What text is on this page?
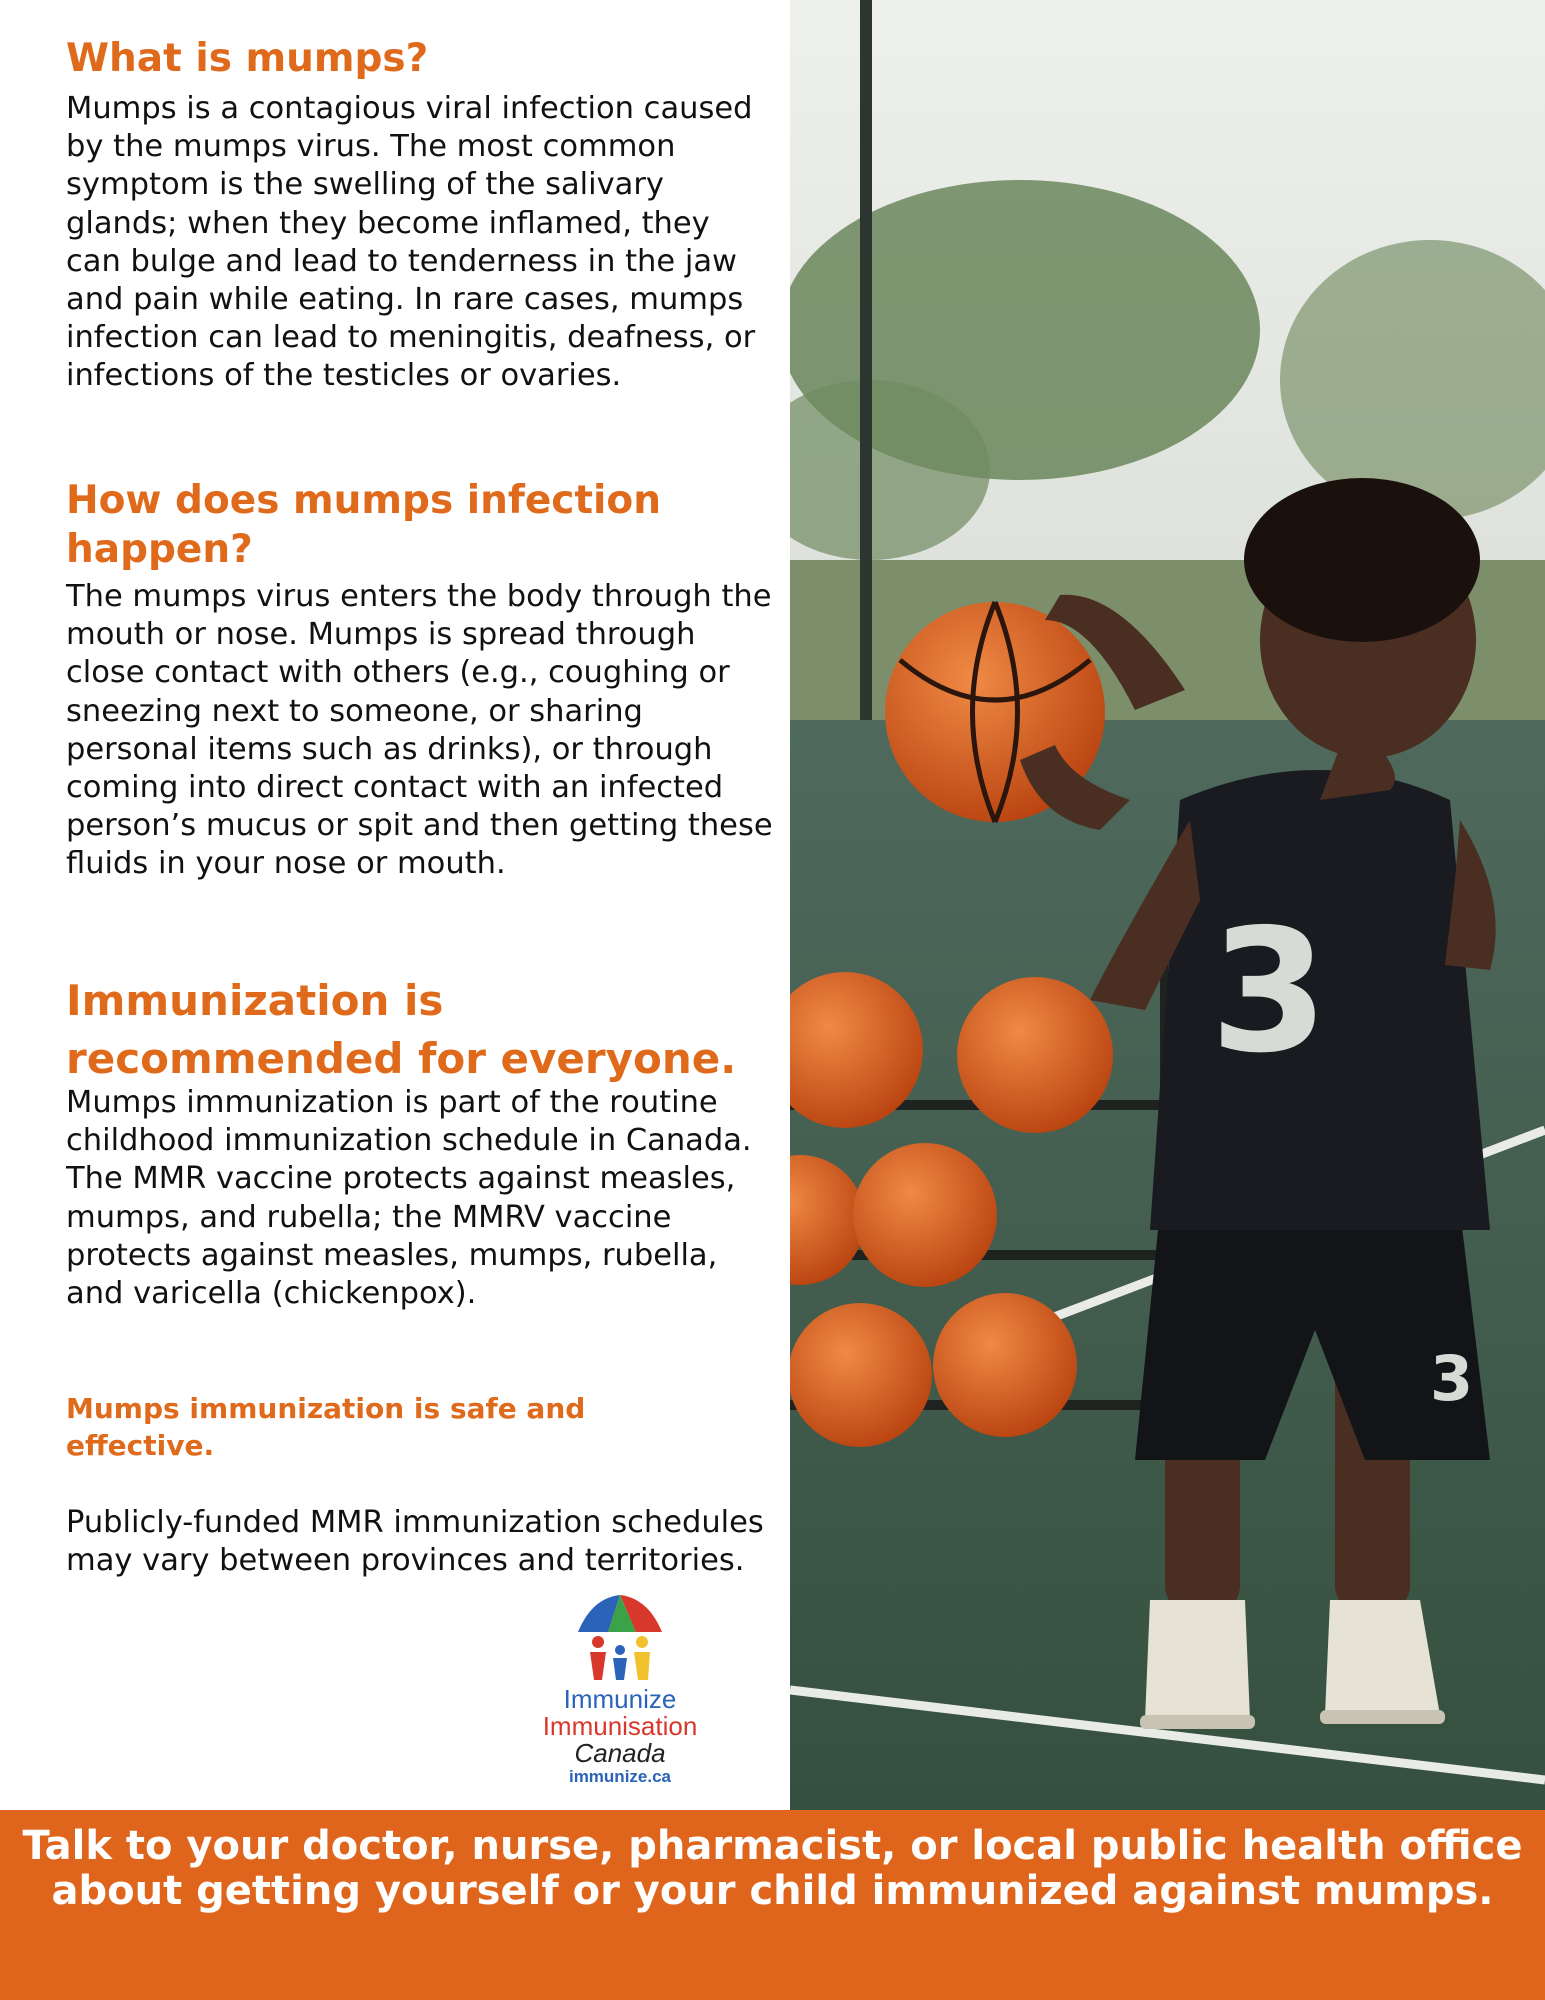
What is mumps?

Mumps is a contagious viral infection caused by the mumps virus. The most common symptom is the swelling of the salivary glands; when they become inflamed, they can bulge and lead to tenderness in the jaw and pain while eating. In rare cases, mumps infection can lead to meningitis, deafness, or infections of the testicles or ovaries.

How does mumps infection happen?

The mumps virus enters the body through the mouth or nose. Mumps is spread through close contact with others (e.g., coughing or sneezing next to someone, or sharing personal items such as drinks), or through coming into direct contact with an infected person’s mucus or spit and then getting these fluids in your nose or mouth.

Immunization is recommended for everyone.

Mumps immunization is part of the routine childhood immunization schedule in Canada. The MMR vaccine protects against measles, mumps, and rubella; the MMRV vaccine protects against measles, mumps, rubella, and varicella (chickenpox).

Mumps immunization is safe and effective.

Publicly-funded MMR immunization schedules may vary between provinces and territories.

Immunize
Immunisation
Canada
immunize.ca
3
3

Talk to your doctor, nurse, pharmacist, or local public health office about getting yourself or your child immunized against mumps.
